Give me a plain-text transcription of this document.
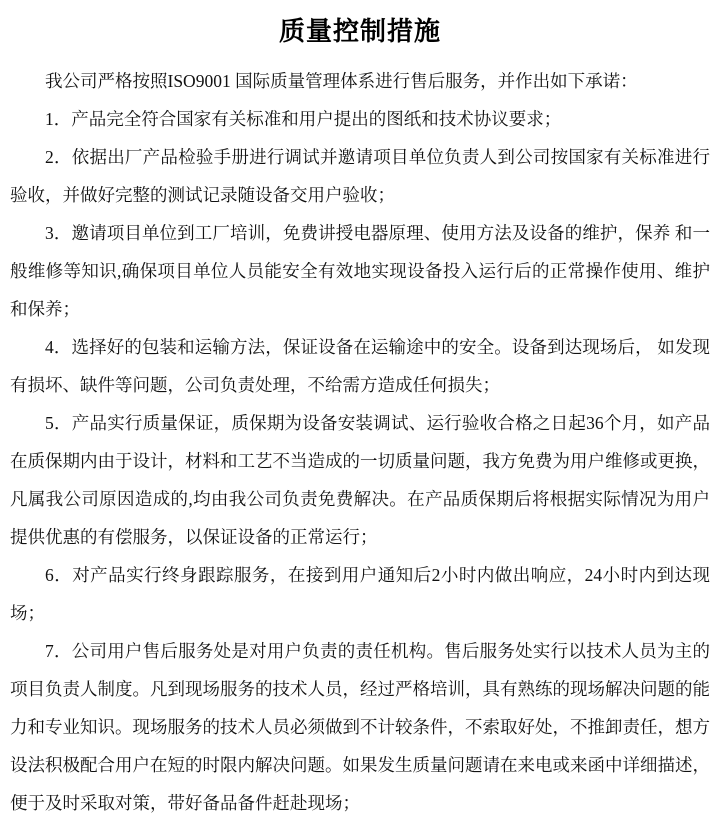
质量控制措施

我公司严格按照ISO9001 国际质量管理体系进行售后服务，并作出如下承诺：

1．产品完全符合国家有关标准和用户提出的图纸和技术协议要求；

2．依据出厂产品检验手册进行调试并邀请项目单位负责人到公司按国家有关标准进行验收，并做好完整的测试记录随设备交用户验收；

3．邀请项目单位到工厂培训，免费讲授电器原理、使用方法及设备的维护，保养 和一般维修等知识,确保项目单位人员能安全有效地实现设备投入运行后的正常操作使用、维护和保养；

4．选择好的包装和运输方法，保证设备在运输途中的安全。设备到达现场后， 如发现有损坏、缺件等问题，公司负责处理，不给需方造成任何损失；

5．产品实行质量保证，质保期为设备安装调试、运行验收合格之日起36个月，如产品在质保期内由于设计，材料和工艺不当造成的一切质量问题，我方免费为用户维修或更换，凡属我公司原因造成的,均由我公司负责免费解决。在产品质保期后将根据实际情况为用户提供优惠的有偿服务，以保证设备的正常运行；

6．对产品实行终身跟踪服务，在接到用户通知后2小时内做出响应，24小时内到达现场；

7．公司用户售后服务处是对用户负责的责任机构。售后服务处实行以技术人员为主的项目负责人制度。凡到现场服务的技术人员，经过严格培训，具有熟练的现场解决问题的能力和专业知识。现场服务的技术人员必须做到不计较条件，不索取好处，不推卸责任，想方设法积极配合用户在短的时限内解决问题。如果发生质量问题请在来电或来函中详细描述，便于及时采取对策，带好备品备件赶赴现场；
